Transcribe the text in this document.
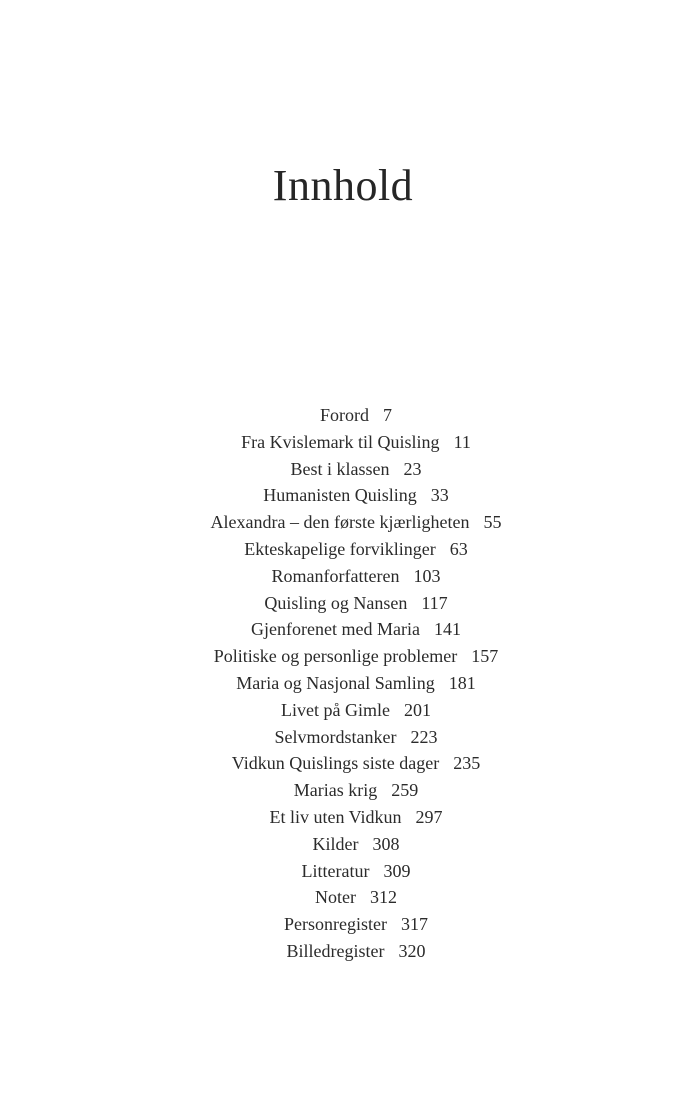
Innhold
Forord 7
Fra Kvislemark til Quisling 11
Best i klassen 23
Humanisten Quisling 33
Alexandra – den første kjærligheten 55
Ekteskapelige forviklinger 63
Romanforfatteren 103
Quisling og Nansen 117
Gjenforenet med Maria 141
Politiske og personlige problemer 157
Maria og Nasjonal Samling 181
Livet på Gimle 201
Selvmordstanker 223
Vidkun Quislings siste dager 235
Marias krig 259
Et liv uten Vidkun 297
Kilder 308
Litteratur 309
Noter 312
Personregister 317
Billedregister 320
